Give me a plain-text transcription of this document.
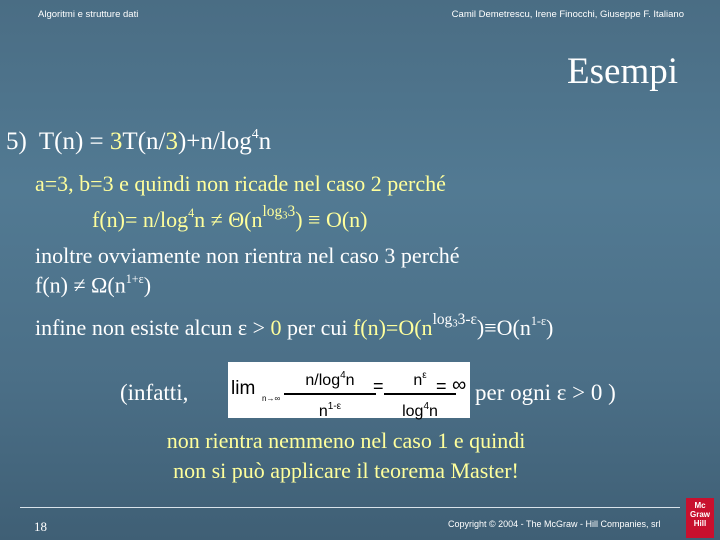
Algoritmi e strutture dati	Camil Demetrescu, Irene Finocchi, Giuseppe F. Italiano
Esempi
5) $T(n) = 3T(n/3)+n/\log^4n$
a=3, b=3 e quindi non ricade nel caso 2 perché
$f(n)= n/\log^4n \ne \Theta(n^{log_33}) \equiv O(n)$
inoltre ovviamente non rientra nel caso 3 perché
$f(n) \ne \Omega(n^{1+\varepsilon})$
infine non esiste alcun ε > 0 per cui $f(n)=O(n^{log_33-\varepsilon})\equiv O(n^{1-\varepsilon})$
(infatti, lim n→∞
$n/\log^4n$
$n^{1-\varepsilon}$
=	$n^\varepsilon$
$\log^4n$
= ∞ per ogni ε > 0 )
non rientra nemmeno nel caso 1 e quindi
non si può applicare il teorema Master!
18	Copyright © 2004 - The McGraw - Hill Companies, srl
Mc
Graw
Hill
